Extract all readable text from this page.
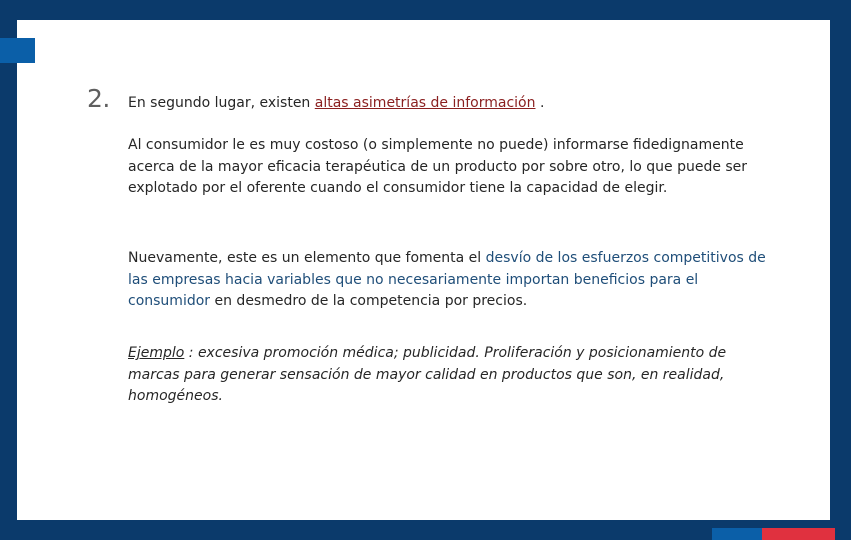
2. En segundo lugar, existen altas asimetrías de información .
Al consumidor le es muy costoso (o simplemente no puede) informarse fidedignamente acerca de la mayor eficacia terapéutica de un producto por sobre otro, lo que puede ser explotado por el oferente cuando el consumidor tiene la capacidad de elegir.
Nuevamente, este es un elemento que fomenta el desvío de los esfuerzos competitivos de las empresas hacia variables que no necesariamente importan beneficios para el consumidor en desmedro de la competencia por precios.
Ejemplo : excesiva promoción médica; publicidad. Proliferación y posicionamiento de marcas para generar sensación de mayor calidad en productos que son, en realidad, homogéneos.
